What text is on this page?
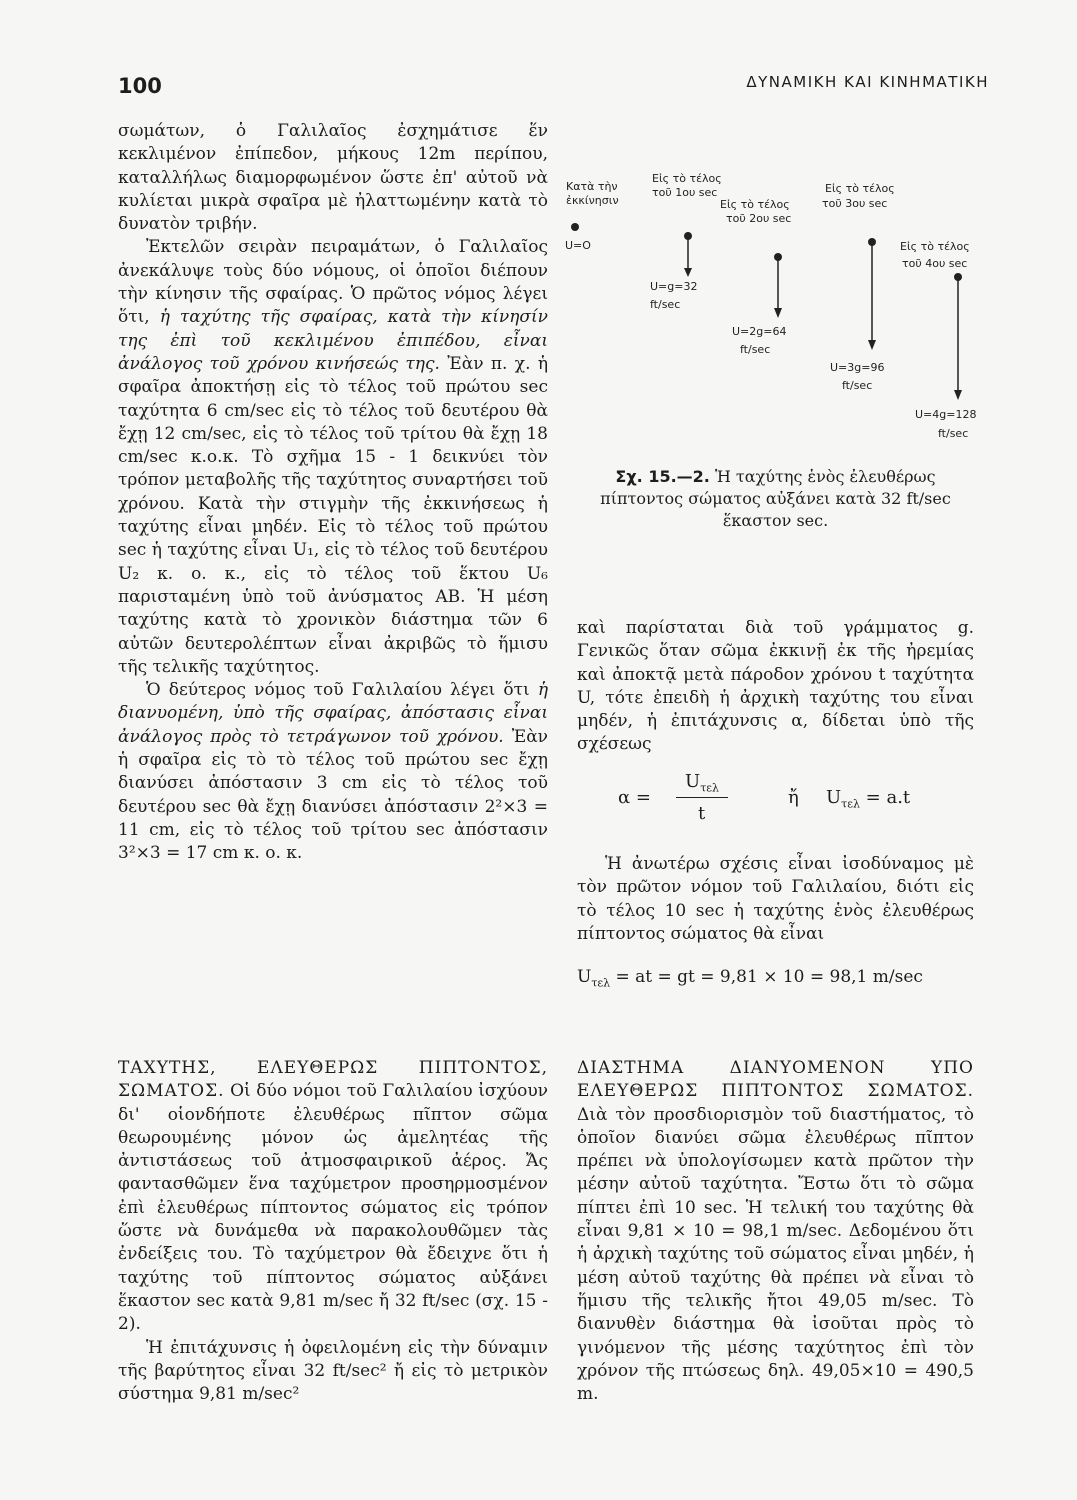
100	ΔΥΝΑΜΙΚΗ ΚΑΙ ΚΙΝΗΜΑΤΙΚΗ

σωμάτων, ὁ Γαλιλαῖος ἐσχημάτισε ἕν κεκλιμένον ἐπίπεδον, μήκους 12m περίπου, καταλλήλως διαμορφωμένον ὥστε ἐπ' αὐτοῦ νὰ κυλίεται μικρὰ σφαῖρα μὲ ἠλαττωμένην κατὰ τὸ δυνατὸν τριβήν.

Ἐκτελῶν σειρὰν πειραμάτων, ὁ Γαλιλαῖος ἀνεκάλυψε τοὺς δύο νόμους, οἱ ὁποῖοι διέπουν τὴν κίνησιν τῆς σφαίρας. Ὁ πρῶτος νόμος λέγει ὅτι, ἡ ταχύτης τῆς σφαίρας, κατὰ τὴν κίνησίν της ἐπὶ τοῦ κεκλιμένου ἐπιπέδου, εἶναι ἀνάλογος τοῦ χρόνου κινήσεώς της. Ἐὰν π. χ. ἡ σφαῖρα ἀποκτήσῃ εἰς τὸ τέλος τοῦ πρώτου sec ταχύτητα 6 cm/sec εἰς τὸ τέλος τοῦ δευτέρου θὰ ἔχῃ 12 cm/sec, εἰς τὸ τέλος τοῦ τρίτου θὰ ἔχῃ 18 cm/sec κ.ο.κ. Τὸ σχῆμα 15 - 1 δεικνύει τὸν τρόπον μεταβολῆς τῆς ταχύτητος συναρτήσει τοῦ χρόνου. Κατὰ τὴν στιγμὴν τῆς ἐκκινήσεως ἡ ταχύτης εἶναι μηδέν. Εἰς τὸ τέλος τοῦ πρώτου sec ἡ ταχύτης εἶναι U₁, εἰς τὸ τέλος τοῦ δευτέρου U₂ κ. ο. κ., εἰς τὸ τέλος τοῦ ἕκτου U₆ παρισταμένη ὑπὸ τοῦ ἀνύσματος AB. Ἡ μέση ταχύτης κατὰ τὸ χρονικὸν διάστημα τῶν 6 αὐτῶν δευτερολέπτων εἶναι ἀκριβῶς τὸ ἥμισυ τῆς τελικῆς ταχύτητος.

Ὁ δεύτερος νόμος τοῦ Γαλιλαίου λέγει ὅτι ἡ διανυομένη, ὑπὸ τῆς σφαίρας, ἀπόστασις εἶναι ἀνάλογος πρὸς τὸ τετράγωνον τοῦ χρόνου. Ἐὰν ἡ σφαῖρα εἰς τὸ τὸ τέλος τοῦ πρώτου sec ἔχῃ διανύσει ἀπόστασιν 3 cm εἰς τὸ τέλος τοῦ δευτέρου sec θὰ ἔχῃ διανύσει ἀπόστασιν 2²×3 = 11 cm, εἰς τὸ τέλος τοῦ τρίτου sec ἀπόστασιν 3²×3 = 17 cm κ. ο. κ.

Κατὰ τὴν
ἐκκίνησιν
U=O
Εἰς τὸ τέλος
τοῦ 1ου sec
U=g=32
ft/sec
Εἰς τὸ τέλος
τοῦ 2ου sec
U=2g=64
ft/sec
Εἰς τὸ τέλος
τοῦ 3ου sec
U=3g=96
ft/sec
Εἰς τὸ τέλος
τοῦ 4ου sec
U=4g=128
ft/sec
Σχ. 15.—2. Ἡ ταχύτης ἑνὸς ἐλευθέρως πίπτοντος σώματος αὐξάνει κατὰ 32 ft/sec ἕκαστον sec.

καὶ παρίσταται διὰ τοῦ γράμματος g. Γενικῶς ὅταν σῶμα ἐκκινῇ ἐκ τῆς ἠρεμίας καὶ ἀποκτᾷ μετὰ πάροδον χρόνου t ταχύτητα U, τότε ἐπειδὴ ἡ ἀρχικὴ ταχύτης του εἶναι μηδέν, ἡ ἐπιτάχυνσις α, δίδεται ὑπὸ τῆς σχέσεως

α =
$U_{\tau\varepsilon\lambda}$
t
ἤ $U_{\tau\varepsilon\lambda} = a.t$

Ἡ ἀνωτέρω σχέσις εἶναι ἰσοδύναμος μὲ τὸν πρῶτον νόμον τοῦ Γαλιλαίου, διότι εἰς τὸ τέλος 10 sec ἡ ταχύτης ἑνὸς ἐλευθέρως πίπτοντος σώματος θὰ εἶναι

$U_{\tau\varepsilon\lambda}$ = at = gt = 9,81 × 10 = 98,1 m/sec

ΤΑΧΥΤΗΣ, ΕΛΕΥΘΕΡΩΣ ΠΙΠΤΟΝΤΟΣ, ΣΩΜΑΤΟΣ. Οἱ δύο νόμοι τοῦ Γαλιλαίου ἰσχύουν δι' οἱονδήποτε ἐλευθέρως πῖπτον σῶμα θεωρουμένης μόνον ὡς ἀμελητέας τῆς ἀντιστάσεως τοῦ ἀτμοσφαιρικοῦ ἀέρος. Ἄς φαντασθῶμεν ἕνα ταχύμετρον προσηρμοσμένον ἐπὶ ἐλευθέρως πίπτοντος σώματος εἰς τρόπον ὥστε νὰ δυνάμεθα νὰ παρακολουθῶμεν τὰς ἐνδείξεις του. Τὸ ταχύμετρον θὰ ἔδειχνε ὅτι ἡ ταχύτης τοῦ πίπτοντος σώματος αὐξάνει ἕκαστον sec κατὰ 9,81 m/sec ἤ 32 ft/sec (σχ. 15 - 2).

Ἡ ἐπιτάχυνσις ἡ ὀφειλομένη εἰς τὴν δύναμιν τῆς βαρύτητος εἶναι 32 ft/sec² ἤ εἰς τὸ μετρικὸν σύστημα 9,81 m/sec²

ΔΙΑΣΤΗΜΑ ΔΙΑΝΥΟΜΕΝΟΝ ΥΠΟ ΕΛΕΥΘΕΡΩΣ ΠΙΠΤΟΝΤΟΣ ΣΩΜΑΤΟΣ. Διὰ τὸν προσδιορισμὸν τοῦ διαστήματος, τὸ ὁποῖον διανύει σῶμα ἐλευθέρως πῖπτον πρέπει νὰ ὑπολογίσωμεν κατὰ πρῶτον τὴν μέσην αὐτοῦ ταχύτητα. Ἔστω ὅτι τὸ σῶμα πίπτει ἐπὶ 10 sec. Ἡ τελική του ταχύτης θὰ εἶναι 9,81 × 10 = 98,1 m/sec. Δεδομένου ὅτι ἡ ἀρχικὴ ταχύτης τοῦ σώματος εἶναι μηδέν, ἡ μέση αὐτοῦ ταχύτης θὰ πρέπει νὰ εἶναι τὸ ἥμισυ τῆς τελικῆς ἤτοι 49,05 m/sec. Τὸ διανυθὲν διάστημα θὰ ἰσοῦται πρὸς τὸ γινόμενον τῆς μέσης ταχύτητος ἐπὶ τὸν χρόνον τῆς πτώσεως δηλ. 49,05×10 = 490,5 m.
